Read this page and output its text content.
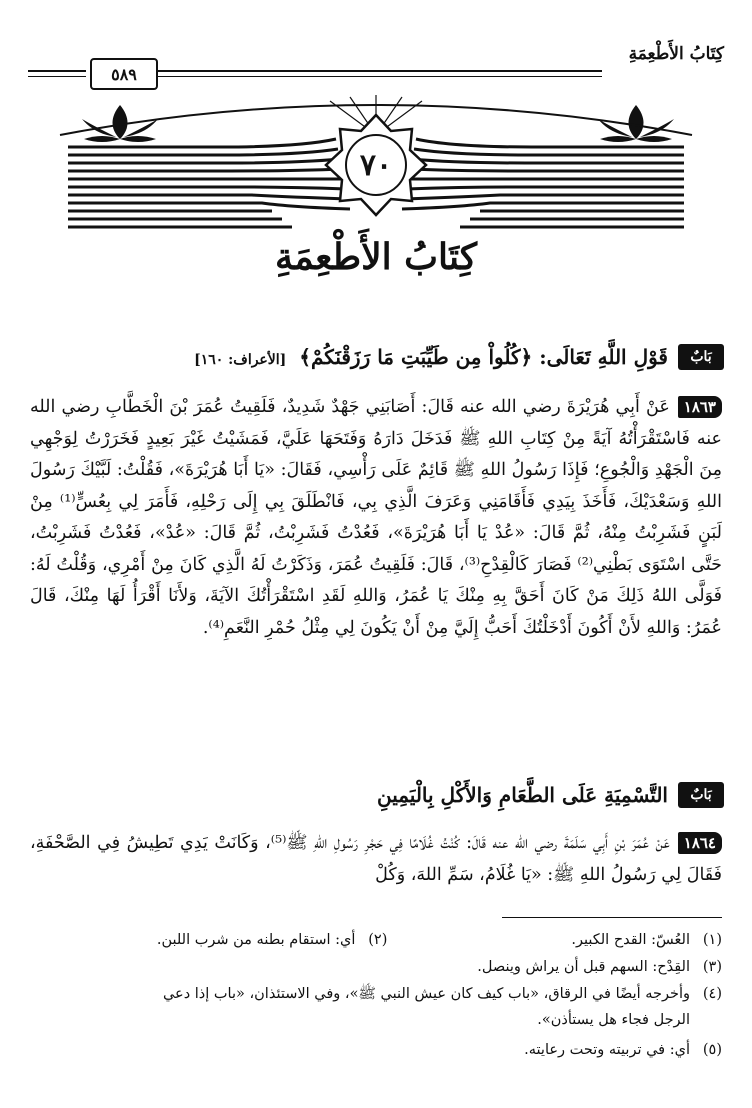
كِتَابُ الأَطْعِمَةِ
٥٨٩
٧٠
كِتَابُ الأَطْعِمَةِ
بَابٌ
قَوْلِ اللَّهِ تَعَالَى: ﴿كُلُواْ مِن طَيِّبَتِ مَا رَزَقْنَكُمْ﴾ [الأعراف: ١٦٠]
١٨٦٣عَنْ أَبِي هُرَيْرَةَ رضي الله عنه قَالَ: أَصَابَنِي جَهْدٌ شَدِيدٌ، فَلَقِيتُ عُمَرَ بْنَ الْخَطَّابِ رضي الله عنه فَاسْتَقْرَأْتُهُ آيَةً مِنْ كِتَابِ اللهِ ﷺ فَدَخَلَ دَارَهُ وَفَتَحَهَا عَلَيَّ، فَمَشَيْتُ غَيْرَ بَعِيدٍ فَخَرَرْتُ لِوَجْهِي مِنَ الْجَهْدِ وَالْجُوعِ؛ فَإِذَا رَسُولُ اللهِ ﷺ قَائِمٌ عَلَى رَأْسِي، فَقَالَ: «يَا أَبَا هُرَيْرَةَ»، فَقُلْتُ: لَبَّيْكَ رَسُولَ اللهِ وَسَعْدَيْكَ، فَأَخَذَ بِيَدِي فَأَقَامَنِي وَعَرَفَ الَّذِي بِي، فَانْطَلَقَ بِي إِلَى رَحْلِهِ، فَأَمَرَ لِي بِعُسٍّ⁽¹⁾ مِنْ لَبَنٍ فَشَرِبْتُ مِنْهُ، ثُمَّ قَالَ: «عُدْ يَا أَبَا هُرَيْرَةَ»، فَعُدْتُ فَشَرِبْتُ، ثُمَّ قَالَ: «عُدْ»، فَعُدْتُ فَشَرِبْتُ، حَتَّى اسْتَوَى بَطْنِي⁽²⁾ فَصَارَ كَالْقِدْحِ⁽³⁾، قَالَ: فَلَقِيتُ عُمَرَ، وَذَكَرْتُ لَهُ الَّذِي كَانَ مِنْ أَمْرِي، وَقُلْتُ لَهُ: فَوَلَّى اللهُ ذَلِكَ مَنْ كَانَ أَحَقَّ بِهِ مِنْكَ يَا عُمَرُ، وَاللهِ لَقَدِ اسْتَقْرَأْتُكَ الآيَةَ، وَلأَنَا أَقْرَأُ لَهَا مِنْكَ، قَالَ عُمَرُ: وَاللهِ لأَنْ أَكُونَ أَدْخَلْتُكَ أَحَبُّ إِلَيَّ مِنْ أَنْ يَكُونَ لِي مِثْلُ حُمْرِ النَّعَمِ⁽⁴⁾.
بَابٌ
التَّسْمِيَةِ عَلَى الطَّعَامِ وَالأَكْلِ بِالْيَمِينِ
١٨٦٤عَنْ عُمَرَ بْنِ أَبِي سَلَمَةَ رضي الله عنه قَالَ: كُنْتُ غُلَامًا فِي حَجْرِ رَسُولِ اللهِ ﷺ⁽⁵⁾، وَكَانَتْ يَدِي تَطِيشُ فِي الصَّحْفَةِ، فَقَالَ لِي رَسُولُ اللهِ ﷺ: «يَا غُلَامُ، سَمِّ اللهَ، وَكُلْ
(١)العُسّ: القدح الكبير. (٢)أي: استقام بطنه من شرب اللبن.
(٣)القِدْح: السهم قبل أن يراش وينصل.
(٤)وأخرجه أيضًا في الرقاق، «باب كيف كان عيش النبي ﷺ»، وفي الاستئذان، «باب إذا دعي
الرجل فجاء هل يستأذن».
(٥)أي: في تربيته وتحت رعايته.
